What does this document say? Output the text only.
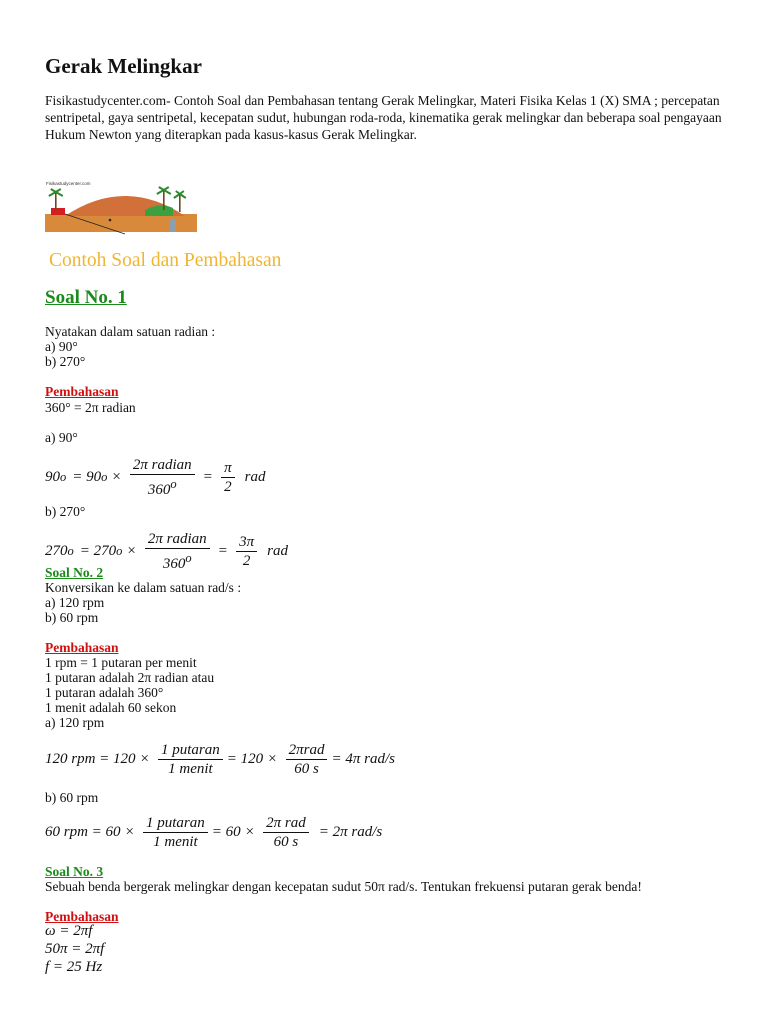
Gerak Melingkar

Fisikastudycenter.com- Contoh Soal dan Pembahasan tentang Gerak Melingkar, Materi Fisika Kelas 1 (X) SMA ; percepatan sentripetal, gaya sentripetal, kecepatan sudut, hubungan roda-roda, kinematika gerak melingkar dan beberapa soal pengayaan Hukum Newton yang diterapkan pada kasus-kasus Gerak Melingkar.

Fisikastudycenter.com
Contoh Soal dan Pembahasan
Soal No. 1

Nyatakan dalam satuan radian :

a) 90°

b) 270°

Pembahasan

360° = 2π radian

a) 90°

90 o = 90 $o \times \frac{\text{2π radian}}{360^o} = \frac{\pi}{2}$ rad

b) 270°

270 o = 270 $o \times \frac{\text{2π radian}}{360^o} = \frac{3\pi}{2}$ rad

Soal No. 2

Konversikan ke dalam satuan rad/s :

a) 120 rpm

b) 60 rpm

Pembahasan

1 rpm = 1 putaran per menit

1 putaran adalah 2π radian atau

1 putaran adalah 360°

1 menit adalah 60 sekon

a) 120 rpm

120 rpm = $120 \times \frac{\text{1 putaran}}{\text{1 menit}} = 120 \times \frac{\text{2πrad}}{60 s} = 4\pi$ rad/s

b) 60 rpm

60 rpm = $60 \times \frac{\text{1 putaran}}{\text{1 menit}} = 60 \times \frac{\text{2π rad}}{60 s} = 2\pi$ rad/s

Soal No. 3

Sebuah benda bergerak melingkar dengan kecepatan sudut 50π rad/s. Tentukan frekuensi putaran gerak benda!

Pembahasan

ω = 2πf

50π = 2πf

f = 25 Hz
